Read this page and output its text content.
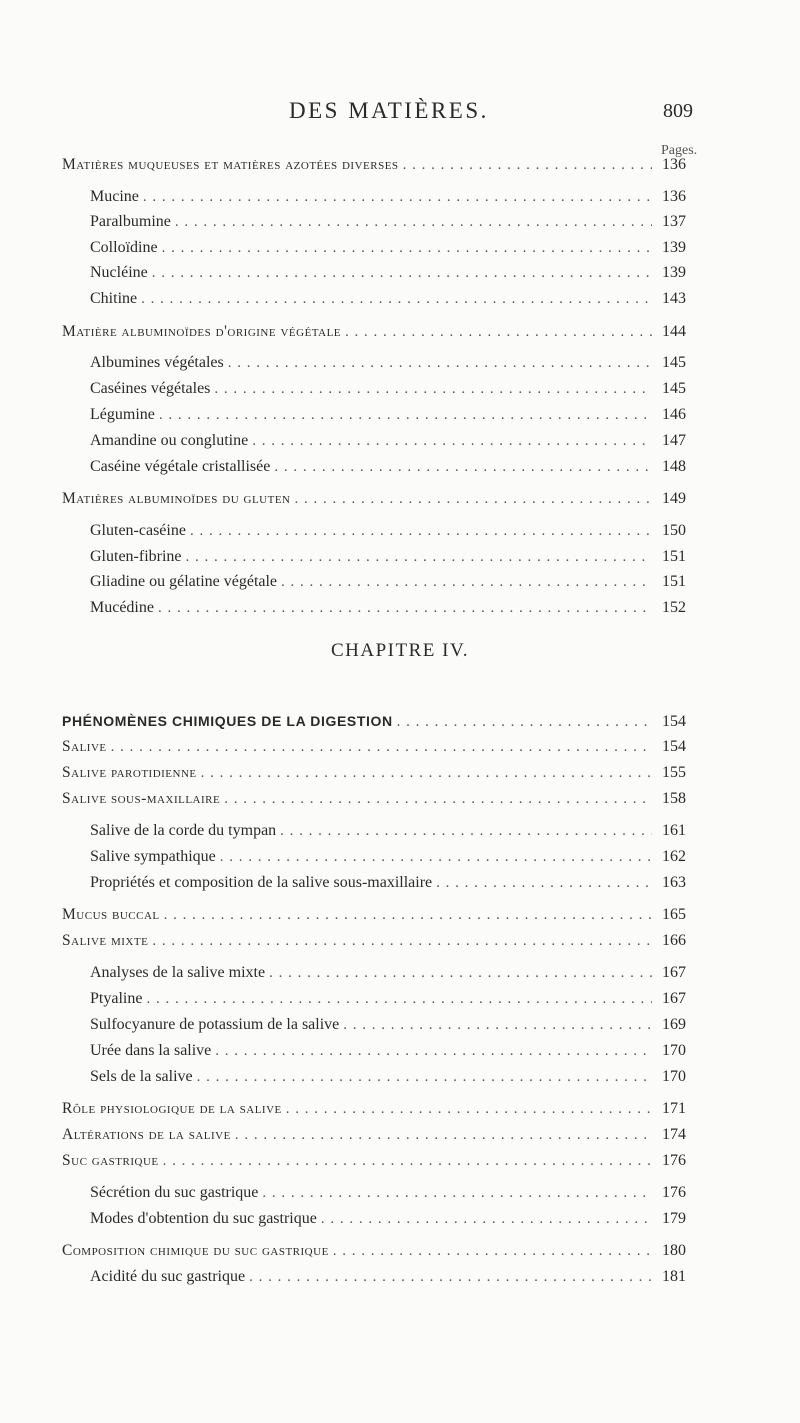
DES MATIÈRES.	809
Pages.
Matières muqueuses et matières azotées diverses . . .	136
Mucine . . .	136
Paralbumine . . .	137
Colloïdine . . .	139
Nucléine . . .	139
Chitine . . .	143
Matière albuminoïdes d'origine végétale . . .	144
Albumines végétales . . .	145
Caséines végétales . . .	145
Légumine . . .	146
Amandine ou conglutine . . .	147
Caséine végétale cristallisée . . .	148
Matières albuminoïdes du gluten . . .	149
Gluten-caséine . . .	150
Gluten-fibrine . . .	151
Gliadine ou gélatine végétale . . .	151
Mucédine . . .	152
CHAPITRE IV.
PHÉNOMÈNES CHIMIQUES DE LA DIGESTION . . .	154
Salive . . .	154
Salive parotidienne . . .	155
Salive sous-maxillaire . . .	158
Salive de la corde du tympan . . .	161
Salive sympathique . . .	162
Propriétés et composition de la salive sous-maxillaire . . .	163
Mucus buccal . . .	165
Salive mixte . . .	166
Analyses de la salive mixte . . .	167
Ptyaline . . .	167
Sulfocyanure de potassium de la salive . . .	169
Urée dans la salive . . .	170
Sels de la salive . . .	170
Rôle physiologique de la salive . . .	171
Altérations de la salive . . .	174
Suc gastrique . . .	176
Sécrétion du suc gastrique . . .	176
Modes d'obtention du suc gastrique . . .	179
Composition chimique du suc gastrique . . .	180
Acidité du suc gastrique . . .	181
